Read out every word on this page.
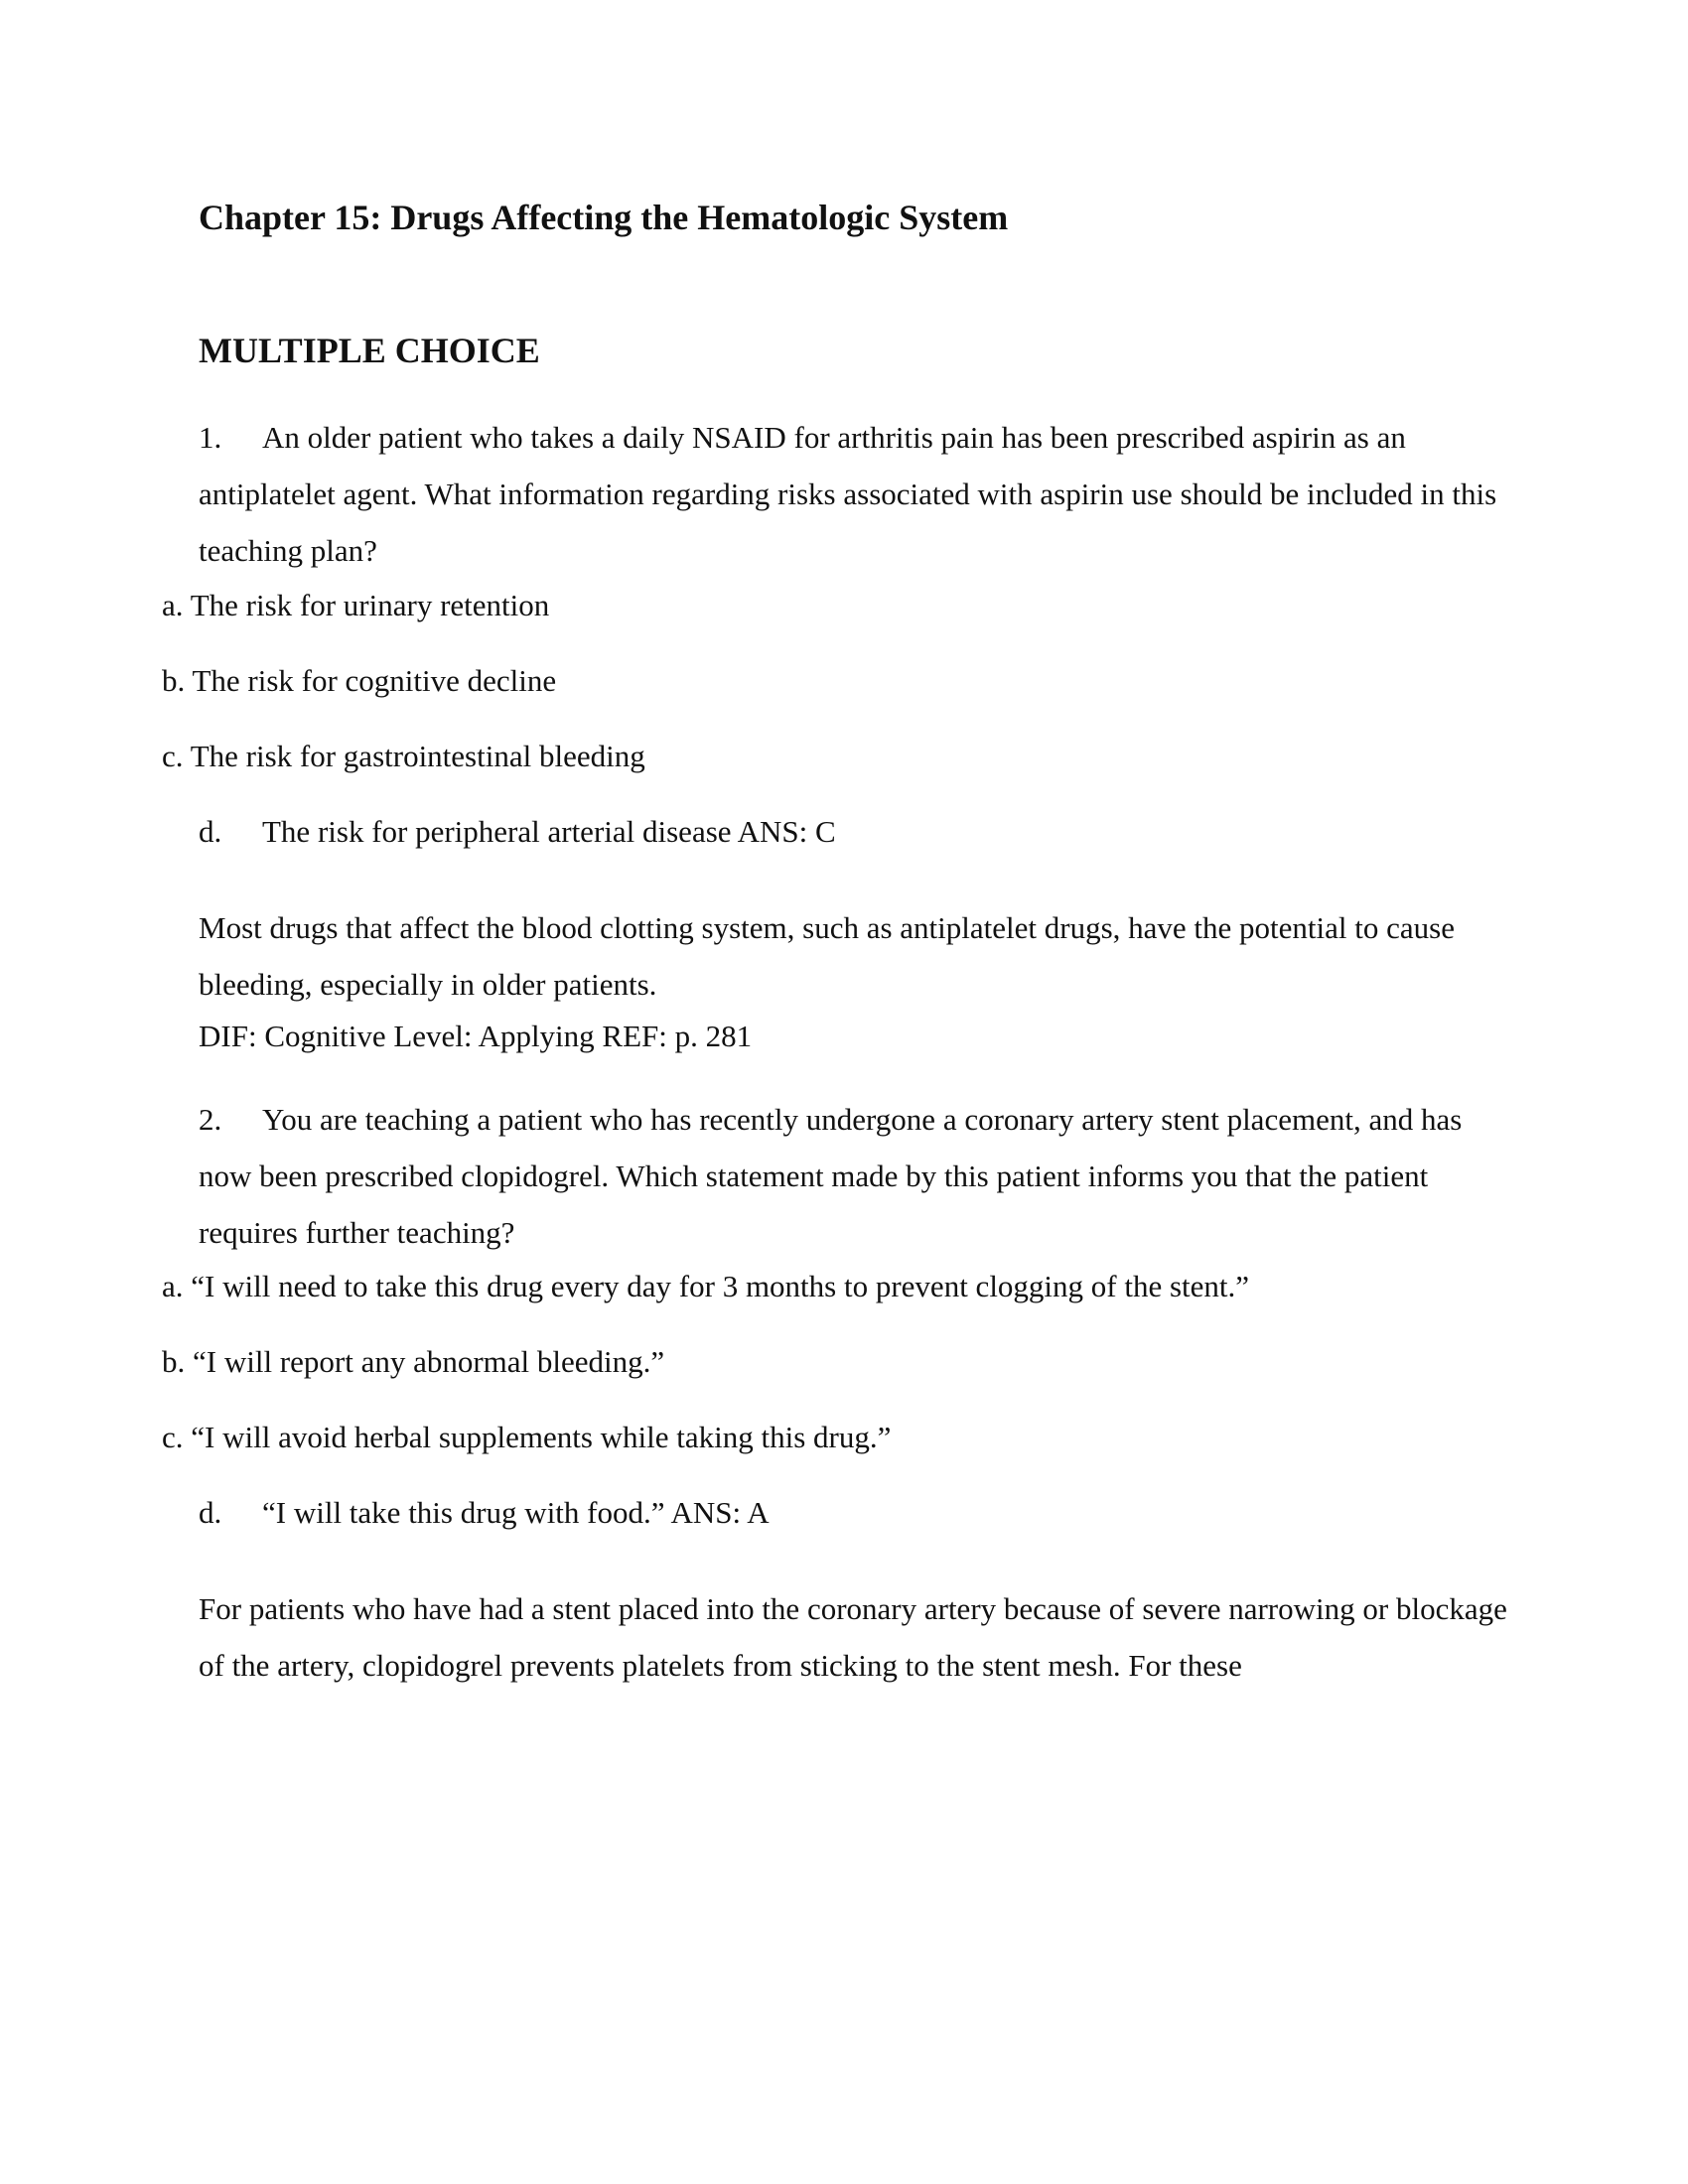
Chapter 15: Drugs Affecting the Hematologic System
MULTIPLE CHOICE
1. An older patient who takes a daily NSAID for arthritis pain has been prescribed aspirin as an antiplatelet agent. What information regarding risks associated with aspirin use should be included in this teaching plan?
a. The risk for urinary retention
b. The risk for cognitive decline
c. The risk for gastrointestinal bleeding
d. The risk for peripheral arterial disease ANS: C
Most drugs that affect the blood clotting system, such as antiplatelet drugs, have the potential to cause bleeding, especially in older patients.
DIF: Cognitive Level: Applying REF: p. 281
2. You are teaching a patient who has recently undergone a coronary artery stent placement, and has now been prescribed clopidogrel. Which statement made by this patient informs you that the patient requires further teaching?
a. “I will need to take this drug every day for 3 months to prevent clogging of the stent.”
b. “I will report any abnormal bleeding.”
c. “I will avoid herbal supplements while taking this drug.”
d. “I will take this drug with food.” ANS: A
For patients who have had a stent placed into the coronary artery because of severe narrowing or blockage of the artery, clopidogrel prevents platelets from sticking to the stent mesh. For these
